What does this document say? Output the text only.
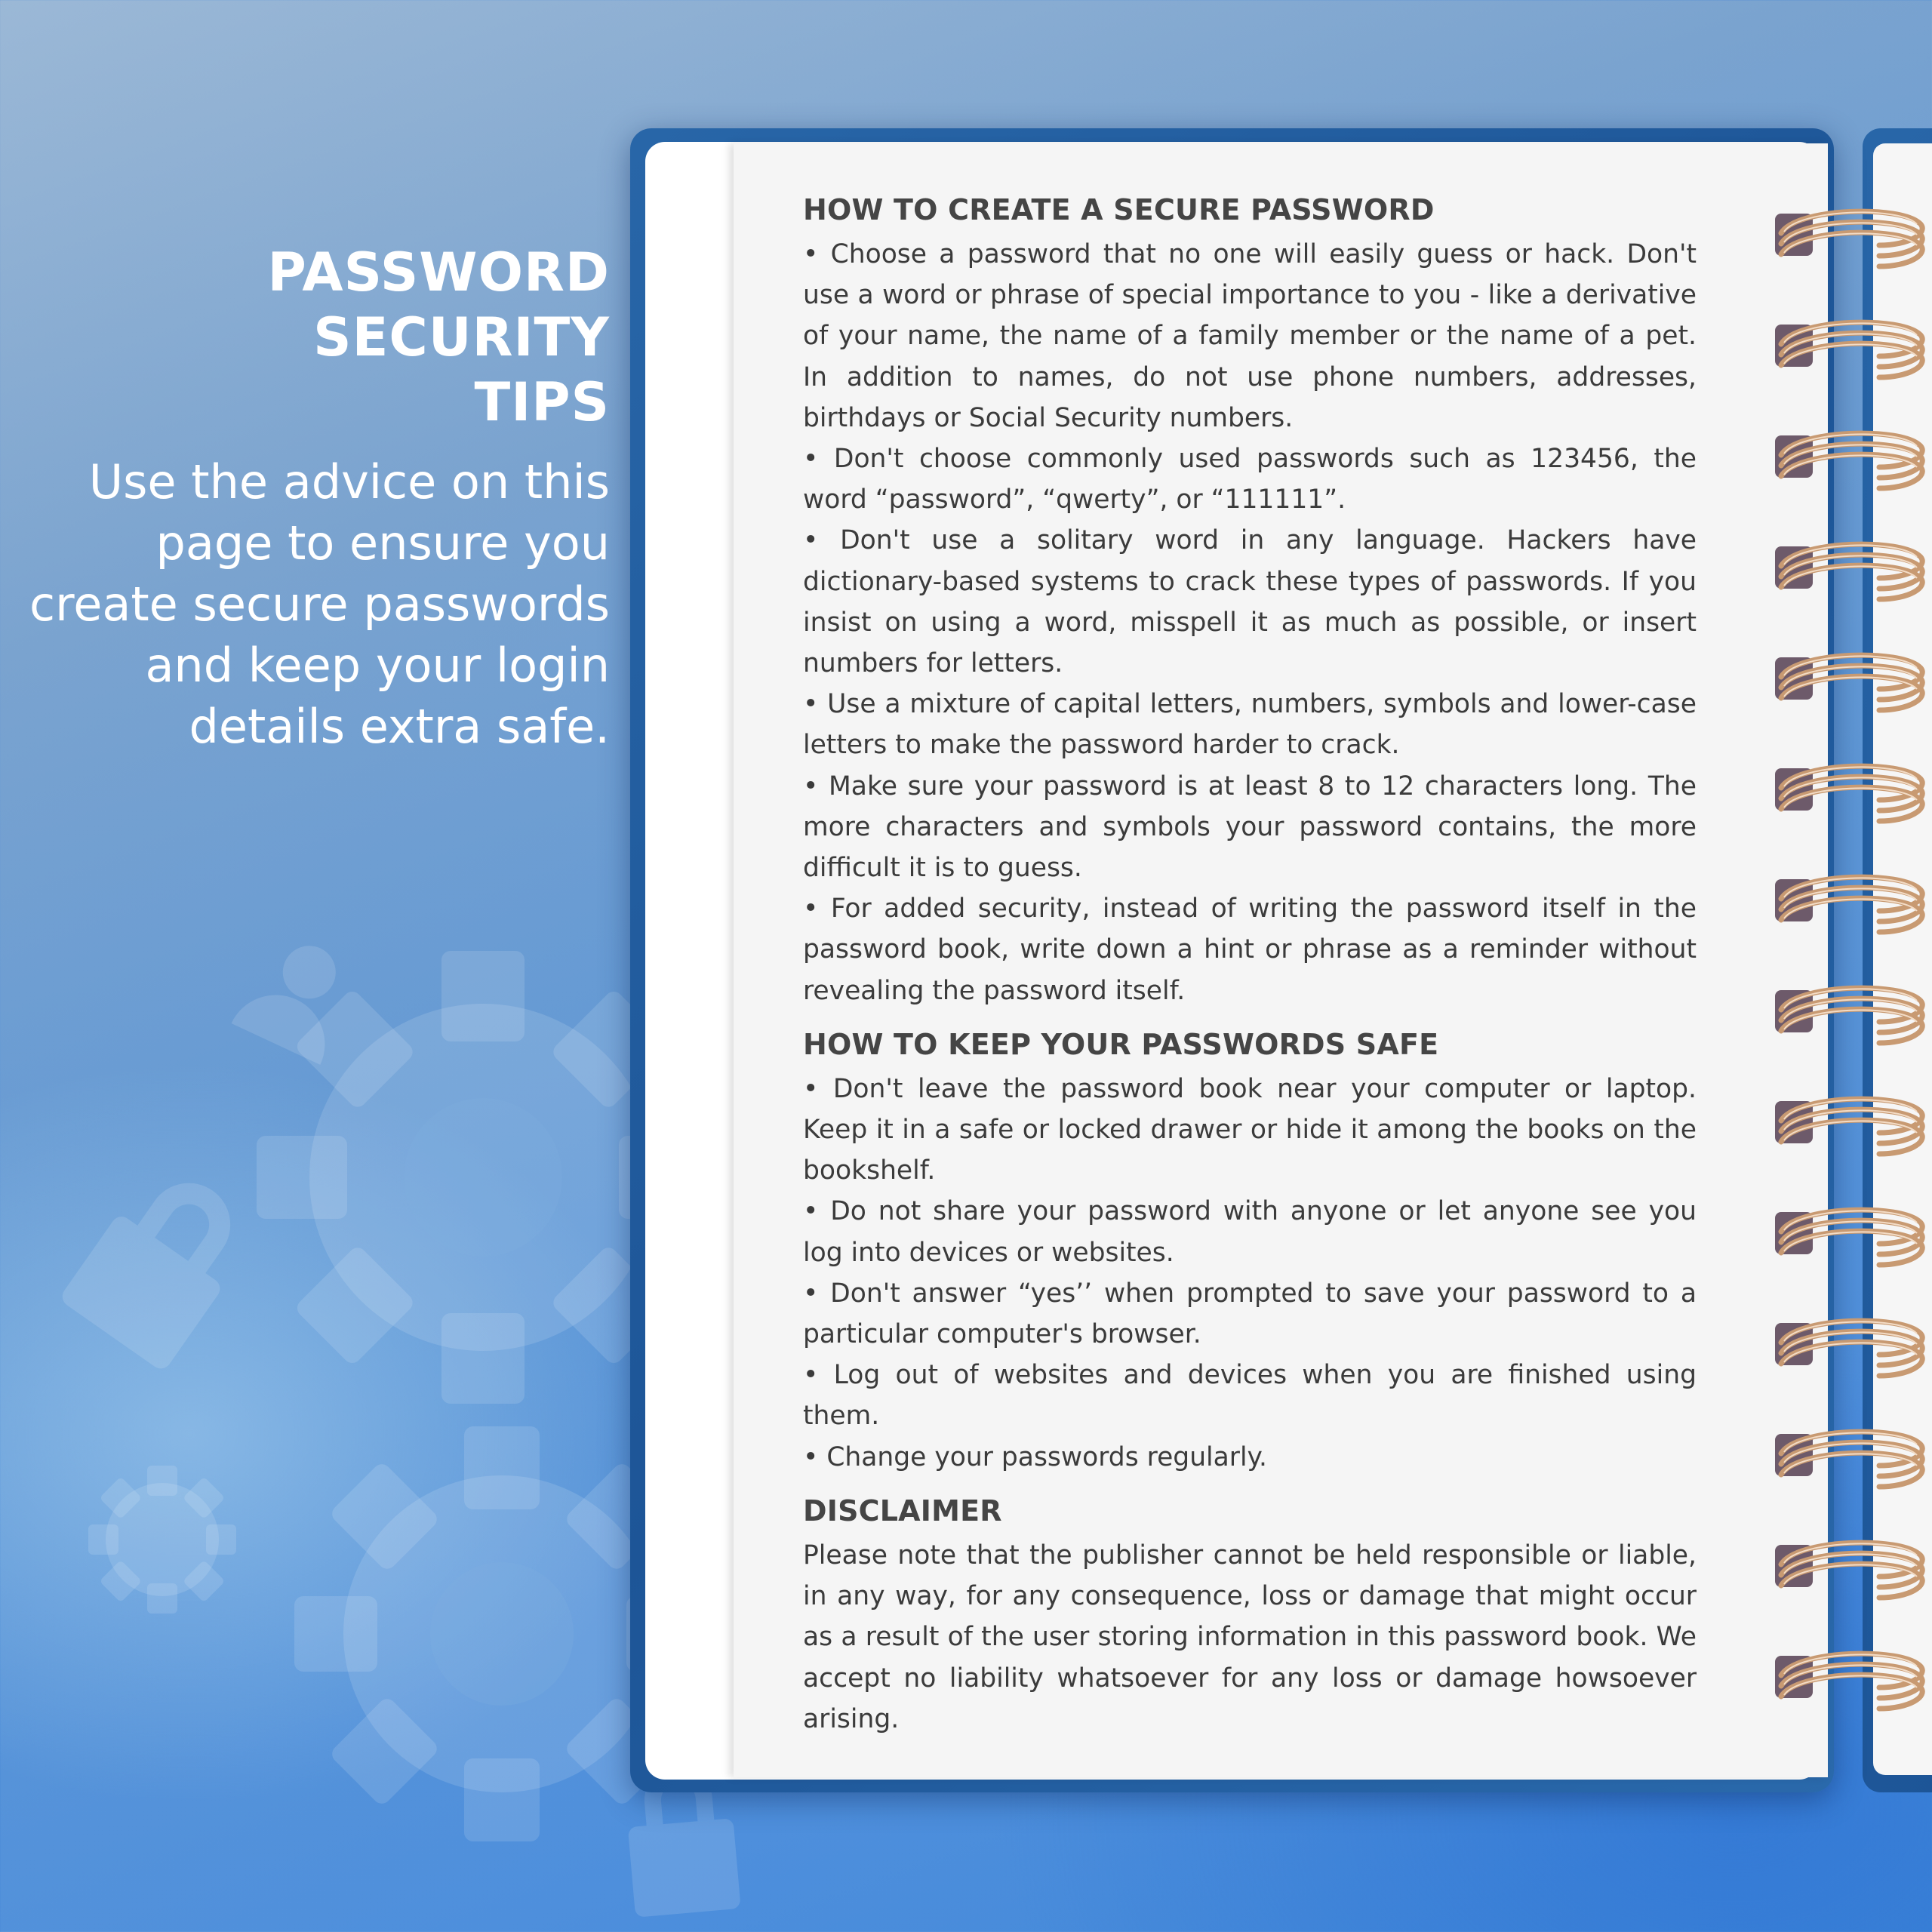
PASSWORD
SECURITY
TIPS
Use the advice on this page to ensure you create secure passwords and keep your login details extra safe.
HOW TO CREATE A SECURE PASSWORD

• Choose a password that no one will easily guess or hack. Don't use a word or phrase of special importance to you - like a derivative of your name, the name of a family member or the name of a pet. In addition to names, do not use phone numbers, addresses, birthdays or Social Security numbers.

• Don't choose commonly used passwords such as 123456, the word “password”, “qwerty”, or “111111”.

• Don't use a solitary word in any language. Hackers have dictionary-based systems to crack these types of passwords. If you insist on using a word, misspell it as much as possible, or insert numbers for letters.

• Use a mixture of capital letters, numbers, symbols and lower-case letters to make the password harder to crack.

• Make sure your password is at least 8 to 12 characters long. The more characters and symbols your password contains, the more difficult it is to guess.

• For added security, instead of writing the password itself in the password book, write down a hint or phrase as a reminder without revealing the password itself.

HOW TO KEEP YOUR PASSWORDS SAFE

• Don't leave the password book near your computer or laptop. Keep it in a safe or locked drawer or hide it among the books on the bookshelf.

• Do not share your password with anyone or let anyone see you log into devices or websites.

• Don't answer “yes’’ when prompted to save your password to a particular computer's browser.

• Log out of websites and devices when you are finished using them.

• Change your passwords regularly.

DISCLAIMER

Please note that the publisher cannot be held responsible or liable, in any way, for any consequence, loss or damage that might occur as a result of the user storing information in this password book. We accept no liability whatsoever for any loss or damage howsoever arising.
